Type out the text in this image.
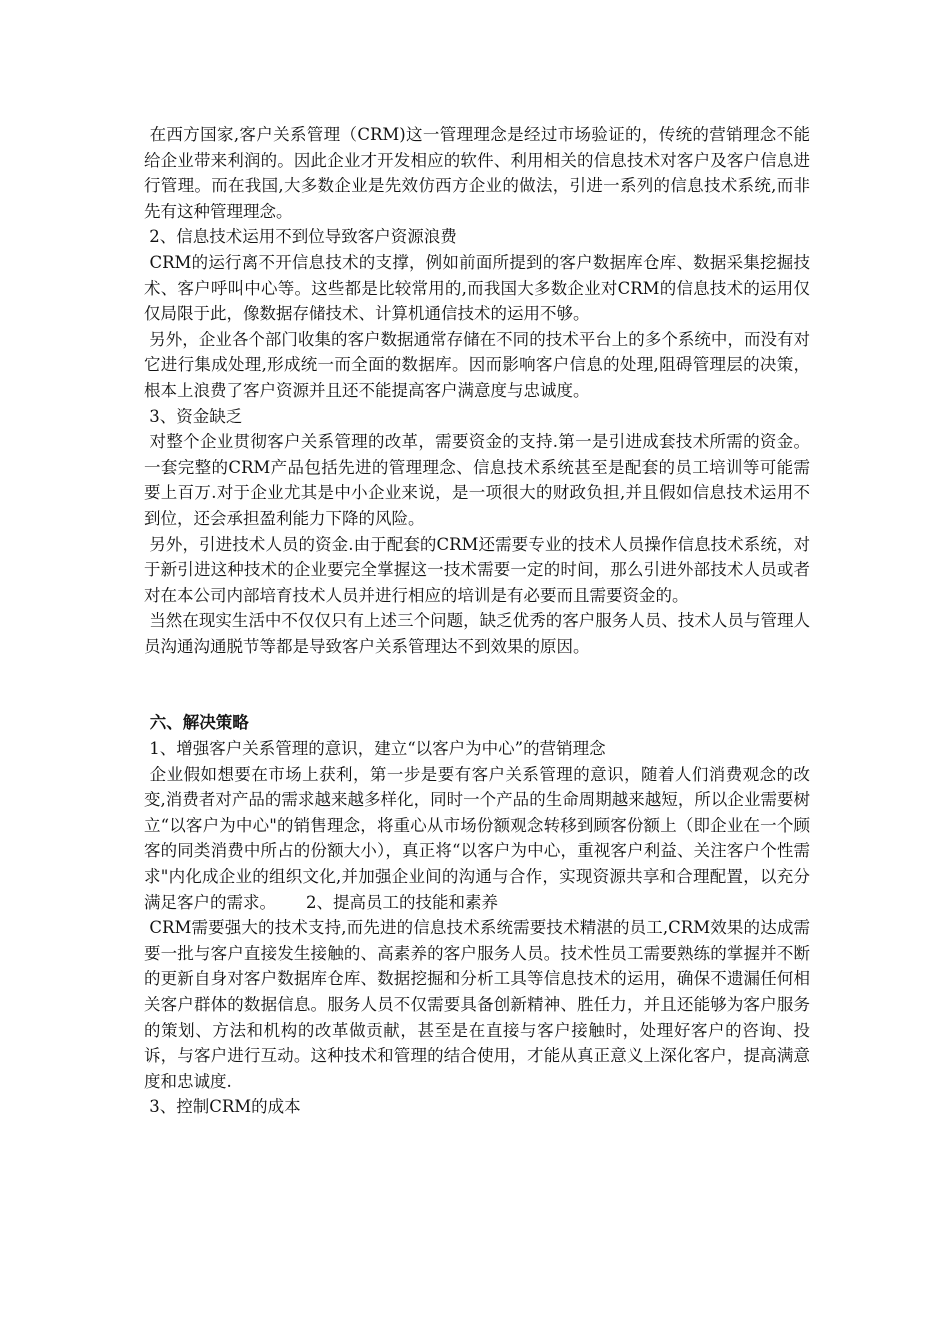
在西方国家,客户关系管理（CRM)这一管理理念是经过市场验证的，传统的营销理念不能给企业带来利润的。因此企业才开发相应的软件、利用相关的信息技术对客户及客户信息进行管理。而在我国,大多数企业是先效仿西方企业的做法，引进一系列的信息技术系统,而非先有这种管理理念。

2、信息技术运用不到位导致客户资源浪费

CRM的运行离不开信息技术的支撑，例如前面所提到的客户数据库仓库、数据采集挖掘技术、客户呼叫中心等。这些都是比较常用的,而我国大多数企业对CRM的信息技术的运用仅仅局限于此，像数据存储技术、计算机通信技术的运用不够。

另外，企业各个部门收集的客户数据通常存储在不同的技术平台上的多个系统中，而没有对它进行集成处理,形成统一而全面的数据库。因而影响客户信息的处理,阻碍管理层的决策，根本上浪费了客户资源并且还不能提高客户满意度与忠诚度。

3、资金缺乏

对整个企业贯彻客户关系管理的改革，需要资金的支持.第一是引进成套技术所需的资金。一套完整的CRM产品包括先进的管理理念、信息技术系统甚至是配套的员工培训等可能需要上百万.对于企业尤其是中小企业来说，是一项很大的财政负担,并且假如信息技术运用不到位，还会承担盈利能力下降的风险。

另外，引进技术人员的资金.由于配套的CRM还需要专业的技术人员操作信息技术系统，对于新引进这种技术的企业要完全掌握这一技术需要一定的时间，那么引进外部技术人员或者对在本公司内部培育技术人员并进行相应的培训是有必要而且需要资金的。

当然在现实生活中不仅仅只有上述三个问题，缺乏优秀的客户服务人员、技术人员与管理人员沟通沟通脱节等都是导致客户关系管理达不到效果的原因。

六、解决策略

1、增强客户关系管理的意识，建立“以客户为中心”的营销理念

企业假如想要在市场上获利，第一步是要有客户关系管理的意识，随着人们消费观念的改变,消费者对产品的需求越来越多样化，同时一个产品的生命周期越来越短，所以企业需要树立“以客户为中心"的销售理念，将重心从市场份额观念转移到顾客份额上（即企业在一个顾客的同类消费中所占的份额大小），真正将“以客户为中心，重视客户利益、关注客户个性需求"内化成企业的组织文化,并加强企业间的沟通与合作，实现资源共享和合理配置，以充分满足客户的需求。 2、提高员工的技能和素养

CRM需要强大的技术支持,而先进的信息技术系统需要技术精湛的员工,CRM效果的达成需要一批与客户直接发生接触的、高素养的客户服务人员。技术性员工需要熟练的掌握并不断的更新自身对客户数据库仓库、数据挖掘和分析工具等信息技术的运用，确保不遗漏任何相关客户群体的数据信息。服务人员不仅需要具备创新精神、胜任力，并且还能够为客户服务的策划、方法和机构的改革做贡献，甚至是在直接与客户接触时，处理好客户的咨询、投诉，与客户进行互动。这种技术和管理的结合使用，才能从真正意义上深化客户，提高满意度和忠诚度.

3、控制CRM的成本
